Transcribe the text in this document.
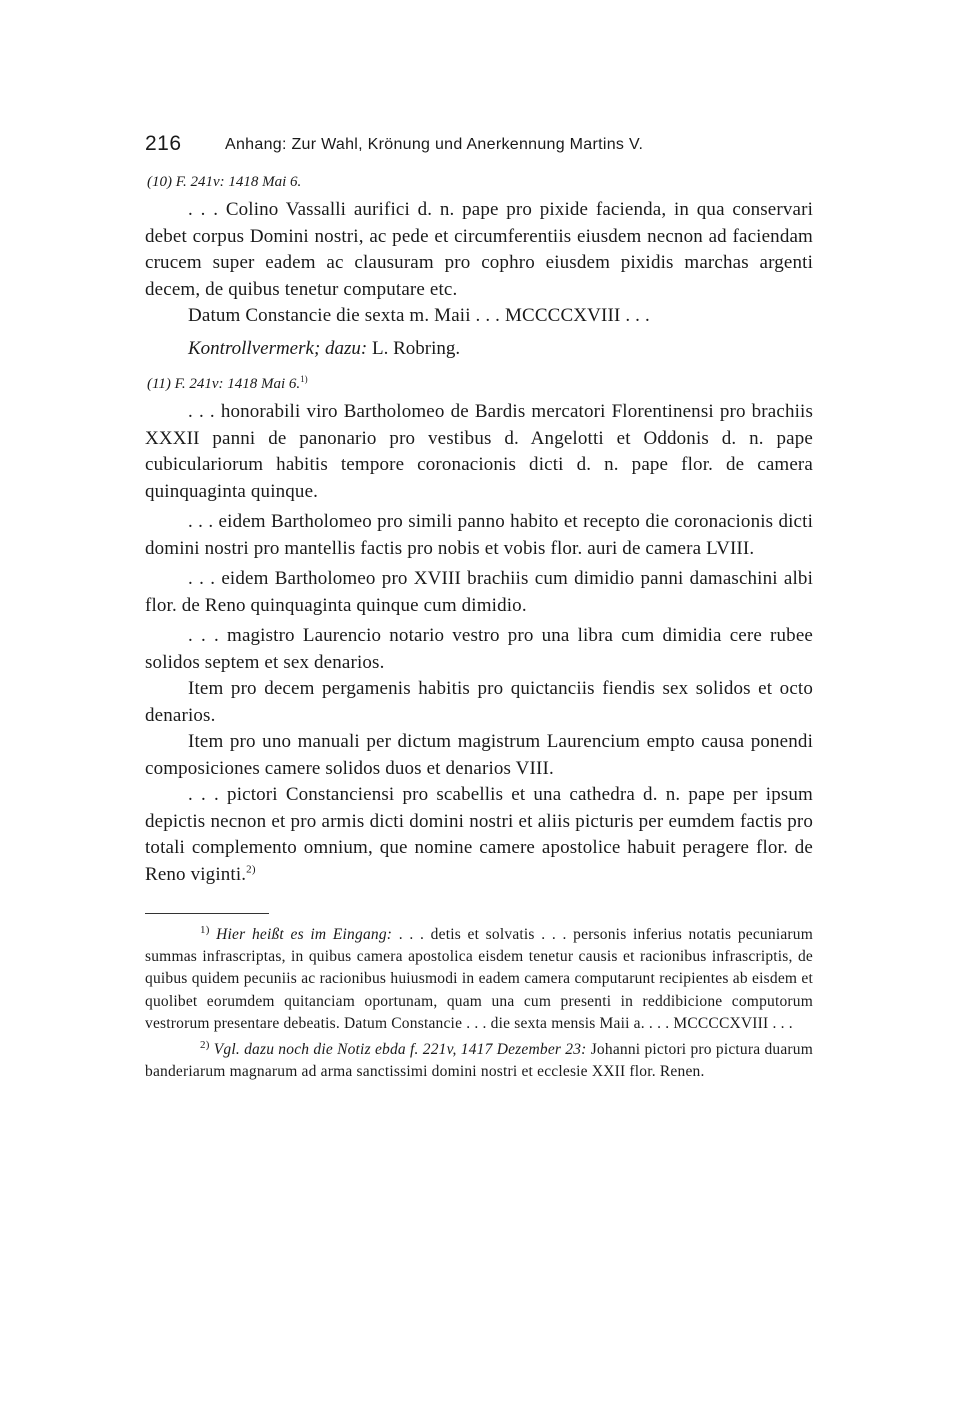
216	Anhang: Zur Wahl, Krönung und Anerkennung Martins V.
(10) F. 241v: 1418 Mai 6.

. . . Colino Vassalli aurifici d. n. pape pro pixide facienda, in qua conservari debet corpus Domini nostri, ac pede et circumferentiis eiusdem necnon ad faciendam crucem super eadem ac clausuram pro cophro eiusdem pixidis marchas argenti decem, de quibus tenetur computare etc.

Datum Constancie die sexta m. Maii . . . MCCCCXVIII . . .

Kontrollvermerk; dazu: L. Robring.
(11) F. 241v: 1418 Mai 6.$^{1)}$

. . . honorabili viro Bartholomeo de Bardis mercatori Florentinensi pro brachiis XXXII panni de panonario pro vestibus d. Angelotti et Oddonis d. n. pape cubiculariorum habitis tempore coronacionis dicti d. n. pape flor. de camera quinquaginta quinque.

. . . eidem Bartholomeo pro simili panno habito et recepto die coronacionis dicti domini nostri pro mantellis factis pro nobis et vobis flor. auri de camera LVIII.

. . . eidem Bartholomeo pro XVIII brachiis cum dimidio panni damaschini albi flor. de Reno quinquaginta quinque cum dimidio.

. . . magistro Laurencio notario vestro pro una libra cum dimidia cere rubee solidos septem et sex denarios.

Item pro decem pergamenis habitis pro quictanciis fiendis sex solidos et octo denarios.

Item pro uno manuali per dictum magistrum Laurencium empto causa ponendi composiciones camere solidos duos et denarios VIII.

. . . pictori Constanciensi pro scabellis et una cathedra d. n. pape per ipsum depictis necnon et pro armis dicti domini nostri et aliis picturis per eumdem factis pro totali complemento omnium, que nomine camere apostolice habuit peragere flor. de Reno viginti.$^{2)}$

$^{1)}$ Hier heißt es im Eingang: . . . detis et solvatis . . . personis inferius notatis pecuniarum summas infrascriptas, in quibus camera apostolica eisdem tenetur causis et racionibus infrascriptis, de quibus quidem pecuniis ac racionibus huiusmodi in eadem camera computarunt recipientes ab eisdem et quolibet eorumdem quitanciam oportunam, quam una cum presenti in reddibicione computorum vestrorum presentare debeatis. Datum Constancie . . . die sexta mensis Maii a. . . . MCCCCXVIII . . .

$^{2)}$ Vgl. dazu noch die Notiz ebda f. 221v, 1417 Dezember 23: Johanni pictori pro pictura duarum banderiarum magnarum ad arma sanctissimi domini nostri et ecclesie XXII flor. Renen.
